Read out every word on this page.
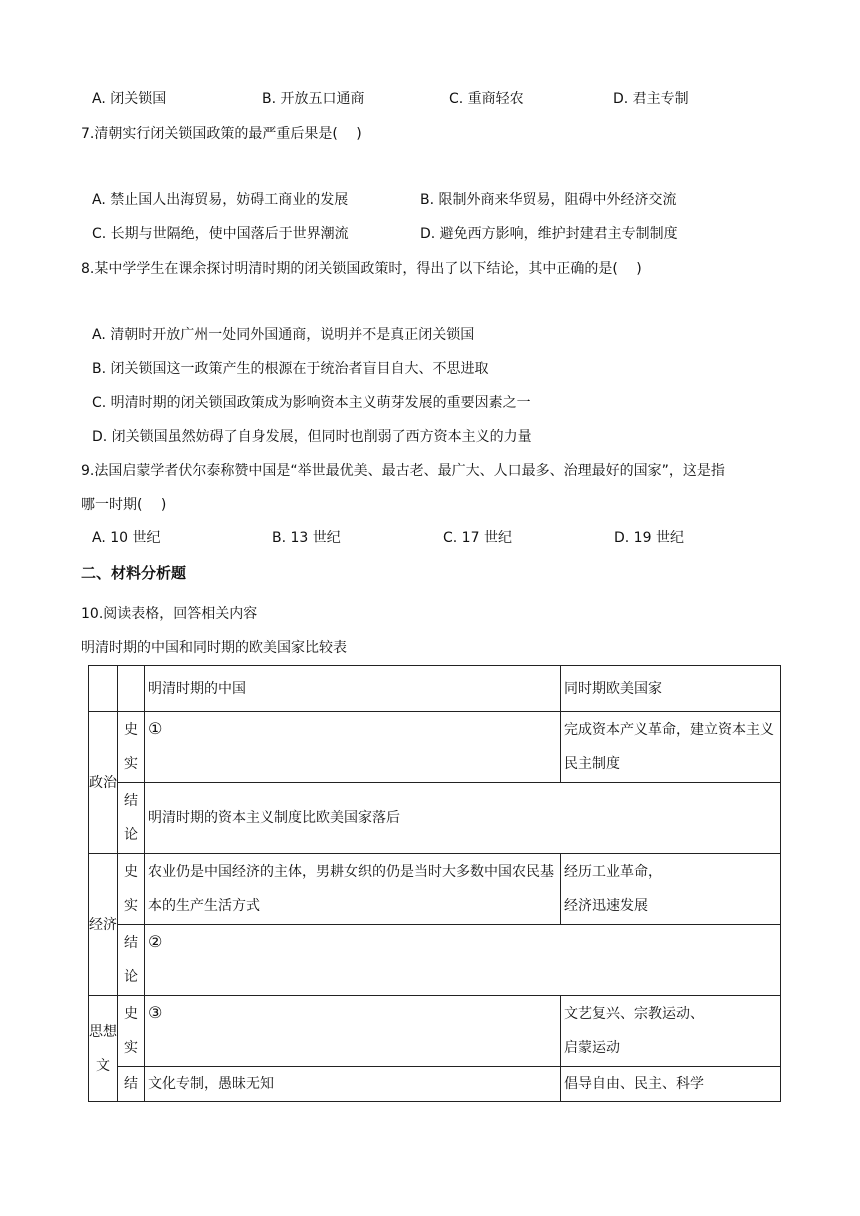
A. 闭关锁国	B. 开放五口通商	C. 重商轻农	D. 君主专制
7.清朝实行闭关锁国政策的最严重后果是(　 )
A. 禁止国人出海贸易，妨碍工商业的发展	B. 限制外商来华贸易，阻碍中外经济交流
C. 长期与世隔绝，使中国落后于世界潮流	D. 避免西方影响，维护封建君主专制制度
8.某中学学生在课余探讨明清时期的闭关锁国政策时，得出了以下结论，其中正确的是(　 )
A. 清朝时开放广州一处同外国通商，说明并不是真正闭关锁国
B. 闭关锁国这一政策产生的根源在于统治者盲目自大、不思进取
C. 明清时期的闭关锁国政策成为影响资本主义萌芽发展的重要因素之一
D. 闭关锁国虽然妨碍了自身发展，但同时也削弱了西方资本主义的力量
9.法国启蒙学者伏尔泰称赞中国是“举世最优美、最古老、最广大、人口最多、治理最好的国家”，这是指
哪一时期(　 )
A. 10 世纪	B. 13 世纪	C. 17 世纪	D. 19 世纪
二、材料分析题
10.阅读表格，回答相关内容
明清时期的中国和同时期的欧美国家比较表
		明清时期的中国	同时期欧美国家
政治	史实	①	完成资本产义革命，建立资本主义民主制度
	结论	明清时期的资本主义制度比欧美国家落后	
经济	史实	农业仍是中国经济的主体，男耕女织的仍是当时大多数中国农民基本的生产生活方式	经历工业革命，
经济迅速发展

	结论	②	
思想文	史实	③	文艺复兴、宗教运动、
启蒙运动

	结	文化专制，愚昧无知	倡导自由、民主、科学
